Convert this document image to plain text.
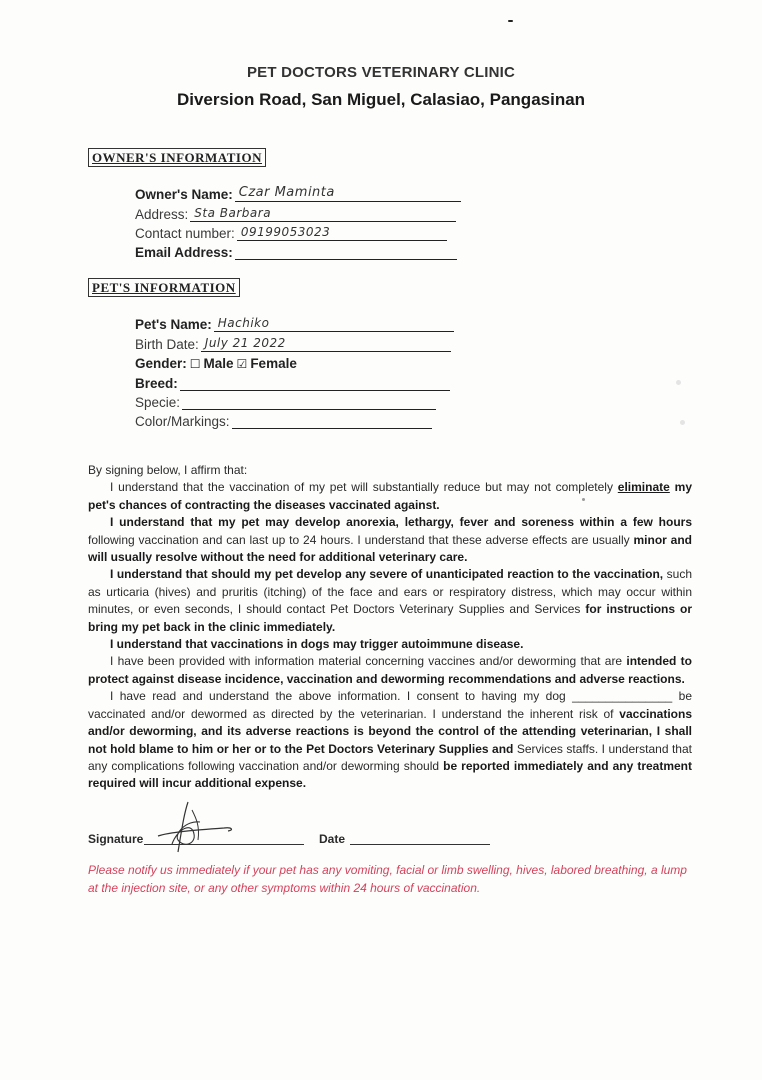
PET DOCTORS VETERINARY CLINIC
Diversion Road, San Miguel, Calasiao, Pangasinan
OWNER'S INFORMATION
Owner's Name: Czar Maminta
Address: Sta Barbara
Contact number: 09199053023
Email Address:
PET'S INFORMATION
Pet's Name: Hachiko
Birth Date: July 21 2022
Gender: ☐ Male ☑ Female
Breed:
Specie:
Color/Markings:

By signing below, I affirm that:

I understand that the vaccination of my pet will substantially reduce but may not completely eliminate my pet's chances of contracting the diseases vaccinated against.

I understand that my pet may develop anorexia, lethargy, fever and soreness within a few hours following vaccination and can last up to 24 hours. I understand that these adverse effects are usually minor and will usually resolve without the need for additional veterinary care.

I understand that should my pet develop any severe of unanticipated reaction to the vaccination, such as urticaria (hives) and pruritis (itching) of the face and ears or respiratory distress, which may occur within minutes, or even seconds, I should contact Pet Doctors Veterinary Supplies and Services for instructions or bring my pet back in the clinic immediately.

I understand that vaccinations in dogs may trigger autoimmune disease.

I have been provided with information material concerning vaccines and/or deworming that are intended to protect against disease incidence, vaccination and deworming recommendations and adverse reactions.

I have read and understand the above information. I consent to having my dog _______________ be vaccinated and/or dewormed as directed by the veterinarian. I understand the inherent risk of vaccinations and/or deworming, and its adverse reactions is beyond the control of the attending veterinarian, I shall not hold blame to him or her or to the Pet Doctors Veterinary Supplies and Services staffs. I understand that any complications following vaccination and/or deworming should be reported immediately and any treatment required will incur additional expense.

Signature	Date
Please notify us immediately if your pet has any vomiting, facial or limb swelling, hives, labored breathing, a lump at the injection site, or any other symptoms within 24 hours of vaccination.
